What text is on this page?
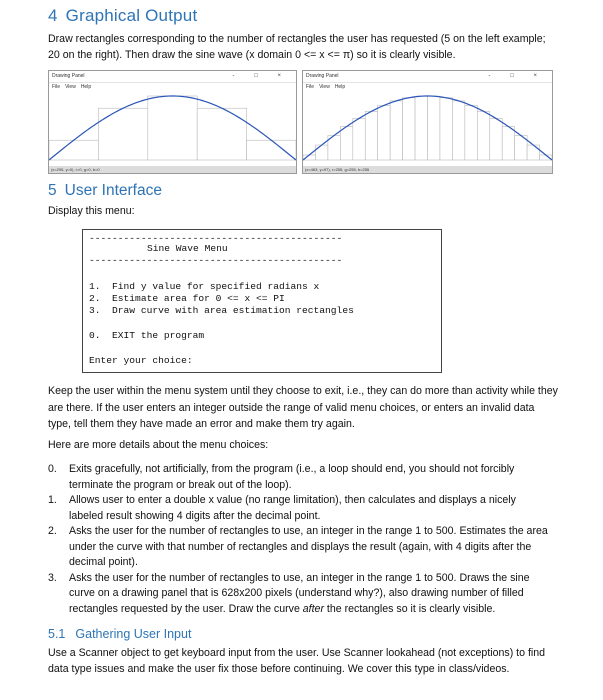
4 Graphical Output
Draw rectangles corresponding to the number of rectangles the user has requested (5 on the left example; 20 on the right). Then draw the sine wave (x domain 0 <= x <= π) so it is clearly visible.
Drawing Panel	- □ ×
File View Help
(x=295, y=0), r=0, g=0, b=0
Drawing Panel	- □ ×
File View Help
(x=463, y=97), r=255, g=255, b=255
5 User Interface
Display this menu:
--------------------------------------------
Sine Wave Menu
--------------------------------------------
1.  Find y value for specified radians x
2.  Estimate area for 0 <= x <= PI
3.  Draw curve with area estimation rectangles
0.  EXIT the program
Enter your choice:
Keep the user within the menu system until they choose to exit, i.e., they can do more than activity while they are there. If the user enters an integer outside the range of valid menu choices, or enters an invalid data type, tell them they have made an error and make them try again.
Here are more details about the menu choices:
0. Exits gracefully, not artificially, from the program (i.e., a loop should end, you should not forcibly terminate the program or break out of the loop).
1. Allows user to enter a double x value (no range limitation), then calculates and displays a nicely labeled result showing 4 digits after the decimal point.
2. Asks the user for the number of rectangles to use, an integer in the range 1 to 500. Estimates the area under the curve with that number of rectangles and displays the result (again, with 4 digits after the decimal point).
3. Asks the user for the number of rectangles to use, an integer in the range 1 to 500. Draws the sine curve on a drawing panel that is 628x200 pixels (understand why?), also drawing number of filled rectangles requested by the user. Draw the curve after the rectangles so it is clearly visible.
5.1 Gathering User Input
Use a Scanner object to get keyboard input from the user. Use Scanner lookahead (not exceptions) to find data type issues and make the user fix those before continuing. We cover this type in class/videos.
